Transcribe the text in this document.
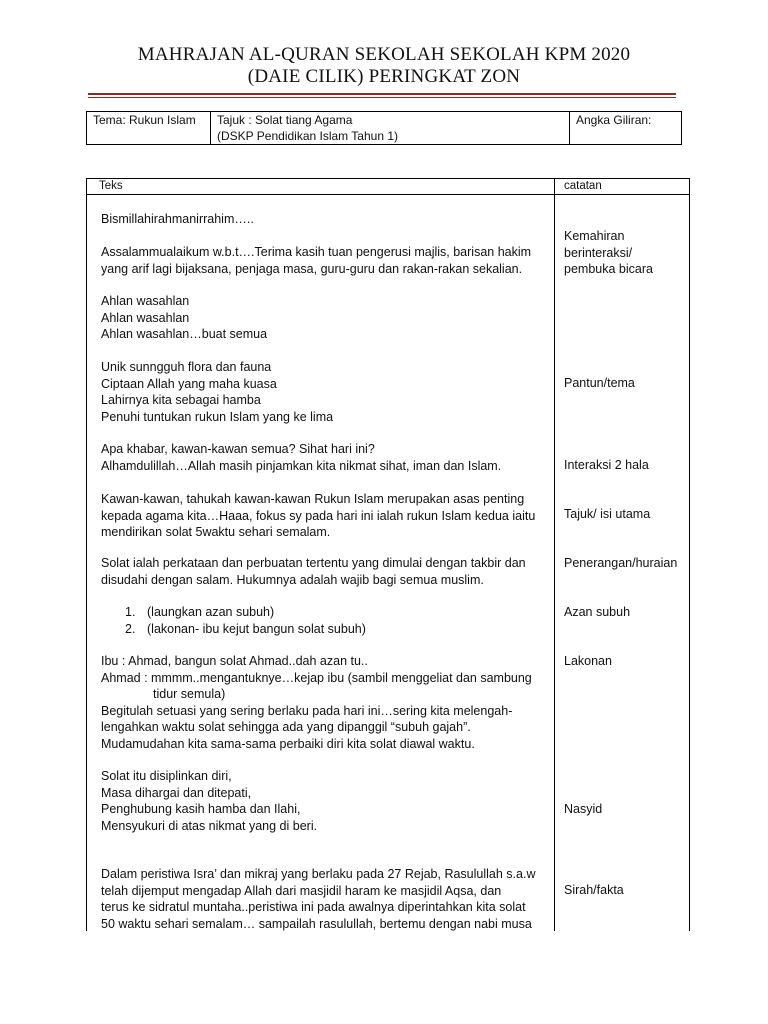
MAHRAJAN AL-QURAN SEKOLAH SEKOLAH KPM 2020
(DAIE CILIK) PERINGKAT ZON
Tema: Rukun Islam	Tajuk : Solat tiang Agama
(DSKP Pendidikan Islam Tahun 1)
Angka Giliran:
Teks	catatan
Bismillahirahmanirrahim…..
Assalammualaikum w.b.t….Terima kasih tuan pengerusi majlis, barisan hakim
yang arif lagi bijaksana, penjaga masa, guru-guru dan rakan-rakan sekalian.
Ahlan wasahlan
Ahlan wasahlan
Ahlan wasahlan…buat semua
Unik sunngguh flora dan fauna
Ciptaan Allah yang maha kuasa
Lahirnya kita sebagai hamba
Penuhi tuntukan rukun Islam yang ke lima
Apa khabar, kawan-kawan semua? Sihat hari ini?
Alhamdulillah…Allah masih pinjamkan kita nikmat sihat, iman dan Islam.
Kawan-kawan, tahukah kawan-kawan Rukun Islam merupakan asas penting
kepada agama kita…Haaa, fokus sy pada hari ini ialah rukun Islam kedua iaitu
mendirikan solat 5waktu sehari semalam.
Solat ialah perkataan dan perbuatan tertentu yang dimulai dengan takbir dan
disudahi dengan salam. Hukumnya adalah wajib bagi semua muslim.
1. (laungkan azan subuh)
2. (lakonan- ibu kejut bangun solat subuh)
Ibu : Ahmad, bangun solat Ahmad..dah azan tu..
Ahmad : mmmm..mengantuknye…kejap ibu (sambil menggeliat dan sambung
tidur semula)
Begitulah setuasi yang sering berlaku pada hari ini…sering kita melengah-
lengahkan waktu solat sehingga ada yang dipanggil “subuh gajah”.
Mudamudahan kita sama-sama perbaiki diri kita solat diawal waktu.
Solat itu disiplinkan diri,
Masa dihargai dan ditepati,
Penghubung kasih hamba dan Ilahi,
Mensyukuri di atas nikmat yang di beri.
Dalam peristiwa Isra’ dan mikraj yang berlaku pada 27 Rejab, Rasulullah s.a.w
telah dijemput mengadap Allah dari masjidil haram ke masjidil Aqsa, dan
terus ke sidratul muntaha..peristiwa ini pada awalnya diperintahkan kita solat
50 waktu sehari semalam… sampailah rasulullah, bertemu dengan nabi musa
Kemahiran
berinteraksi/
pembuka bicara
Pantun/tema
Interaksi 2 hala
Tajuk/ isi utama
Penerangan/huraian
Azan subuh
Lakonan
Nasyid
Sirah/fakta
